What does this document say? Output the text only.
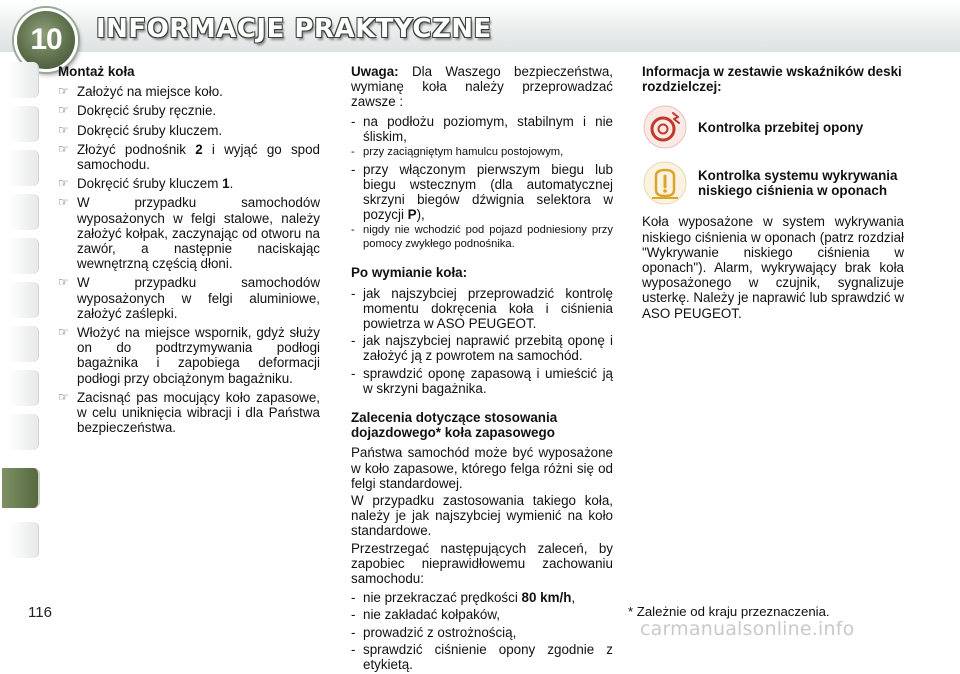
10 INFORMACJE PRAKTYCZNE
Montaż koła
☞ Założyć na miejsce koło.
☞ Dokręcić śruby ręcznie.
☞ Dokręcić śruby kluczem.
☞ Złożyć podnośnik 2 i wyjąć go spod samochodu.
☞ Dokręcić śruby kluczem 1.
☞ W przypadku samochodów wyposażonych w felgi stalowe, należy założyć kołpak, zaczynając od otworu na zawór, a następnie naciskając wewnętrzną częścią dłoni.
☞ W przypadku samochodów wyposażonych w felgi aluminiowe, założyć zaślepki.
☞ Włożyć na miejsce wspornik, gdyż służy on do podtrzymywania podłogi bagażnika i zapobiega deformacji podłogi przy obciążonym bagażniku.
☞ Zacisnąć pas mocujący koło zapasowe, w celu uniknięcia wibracji i dla Państwa bezpieczeństwa.
Uwaga: Dla Waszego bezpieczeństwa, wymianę koła należy przeprowadzać zawsze :
- na podłożu poziomym, stabilnym i nie śliskim,
- przy zaciągniętym hamulcu postojowym,
- przy włączonym pierwszym biegu lub biegu wstecznym (dla automatycznej skrzyni biegów dźwignia selektora w pozycji P),
- nigdy nie wchodzić pod pojazd podniesiony przy pomocy zwykłego podnośnika.
Po wymianie koła:
- jak najszybciej przeprowadzić kontrolę momentu dokręcenia koła i ciśnienia powietrza w ASO PEUGEOT.
- jak najszybciej naprawić przebitą oponę i założyć ją z powrotem na samochód.
- sprawdzić oponę zapasową i umieścić ją w skrzyni bagażnika.
Zalecenia dotyczące stosowania dojazdowego* koła zapasowego

Państwa samochód może być wyposażone w koło zapasowe, którego felga różni się od felgi standardowej.

W przypadku zastosowania takiego koła, należy je jak najszybciej wymienić na koło standardowe.

Przestrzegać następujących zaleceń, by zapobiec nieprawidłowemu zachowaniu samochodu:

- nie przekraczać prędkości 80 km/h,
- nie zakładać kołpaków,
- prowadzić z ostrożnością,
- sprawdzić ciśnienie opony zgodnie z etykietą.
Informacja w zestawie wskaźników deski rozdzielczej:
Kontrolka przebitej opony
Kontrolka systemu wykrywania niskiego ciśnienia w oponach

Koła wyposażone w system wykrywania niskiego ciśnienia w oponach (patrz rozdział "Wykrywanie niskiego ciśnienia w oponach"). Alarm, wykrywający brak koła wyposażonego w czujnik, sygnalizuje usterkę. Należy je naprawić lub sprawdzić w ASO PEUGEOT.

116	* Zależnie od kraju przeznaczenia.
carmanualsonline.info
